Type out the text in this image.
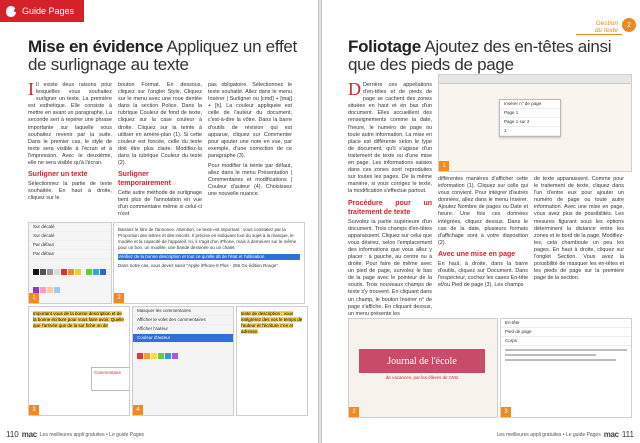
Guide Pages
Mise en évidence Appliquez un effet de surlignage au texte

I Il existe deux raisons pour lesquelles vous souhaitez surligner un texte. La première est esthétique. Elle consiste à mettre en avant un paragraphe. La seconde sert à repérer une phrase importante sur laquelle vous souhaitez revenir par la suite. Dans le premier cas, le style de texte sera visible à l'écran et à l'impression. Avec le deuxième, elle ne sera visible qu'à l'écran.

Surligner un texte

Sélectionnez la partie de texte souhaitée. En haut à droite, cliquez sur le

bouton Format. En dessous, cliquez sur l'onglet Style. Cliquez sur le menu avec une roue dentée dans la section Police. Dans la rubrique Couleur de fond de texte, cliquez sur la case couleur à droite. Cliquez sur la teinte à utiliser en arrière-plan (1). Si cette couleur est foncée, celle du texte doit être plus claire. Modifiez-la dans la rubrique Couleur du texte (2).

Surligner temporairement

Cette autre méthode de surlignage tient plus de l'annotation en vue d'un commentaire même si celui-ci n'est

pas obligatoire. Sélectionnez le texte souhaité. Allez dans le menu Insérer | Surligner ou [cmd] + [maj] + [h]. La couleur appliquée est celle de l'auteur du document, c'est-à-dire la vôtre. Dans la barre d'outils de révision qui est apparue, cliquez sur Commenter pour ajouter une note en vue, par exemple, d'une correction de ce paragraphe (3).

Pour modifier la teinte par défaut, allez dans le menu Présentation | Commentaires et modifications | Couleur d'auteur (4). Choisissez une nouvelle nuance.

Sur décalé
Sur décalé
Par défaut
Par défaut

1
Baissez le titre de l'annonce. Attention, ce texte est important : vous constatez par la Proportion des lettres et des inscrits. Il précise en indiquant tout du sujet à la manque, le modèle et la capacité de l'appareil. Ici, il s'agit d'un iPhone, mais à demeurer sur le même pour un bon, un modèle, une bande dessinée ou un chalet.
Vérifiez de la bonne description et tout ce qu'elle dit de l'état et l'utilisation
Dans notre cas, vous devez saisir "Apple iPhone 8 Plus - 256 Go édition Rouge".
2
Important vous de la bonne description et de la bonne écriture pour vous faire avoir. Quelle que l'arrivée que de la sur fiche on de
Commentaire
3
Masquer les commentaires
Afficher le volet des commentaires
Afficher l'auteur
Couleur d'auteur
4
texte de description : vous intégrerez des vos le temps de l'auteur et l'écriture c'en et adresse.
110 mac Les meilleures appli gratuites • Le guide Pages
Gestion
du texte
2
Foliotage Ajoutez des en-têtes ainsi que des pieds de page

D Derrière ces appellations d'en-têtes et de pieds de page se cachent des zones situées en haut et en bas d'un document. Elles accueillent des renseignements comme la date, l'heure, le numéro de page ou toute autre information. La mise en place est différente selon le type de document, qu'il s'agisse d'un traitement de texte ou d'une mise en page. Les informations saisies dans ces zones sont reproduites sur toutes les pages. De la même manière, si vous corrigez le texte, la modification s'effectue partout.

Procédure pour un traitement de texte

Survolez la partie supérieure d'un document. Trois champs d'en-têtes apparaissent. Cliquez sur celui que vous désirez, selon l'emplacement des informations que vous allez y placer : à gauche, au centre ou à droite. Pour faire de même avec un pied de page, survolez le bas de la page avec le pointeur de la souris. Trois nouveaux champs de texte s'y trouvent. En cliquant dans un champ, le bouton Insérer n° de page s'affiche. En cliquant dessus, un menu présente les

Insérer n° de page
Page 1
Page 1 sur 2
1
1

différentes manières d'afficher cette information (1). Cliquez sur celle qui vous convient. Pour intégrer d'autres données, allez dans le menu Insérer. Ajoutez Nombre de pages ou Date et heure. Une fois ces données intégrées, cliquez dessus. Dans le cas de la date, plusieurs formats d'affichage sont à votre disposition (2).

Avec une mise en page

En haut, à droite, dans la barre d'outils, cliquez sur Document. Dans l'inspecteur, cochez les cases En-tête et/ou Pied de page (3). Les champs

de texte apparaissent. Comme pour le traitement de texte, cliquez dans l'un d'entre eux pour ajouter un numéro de page ou toute autre information. Avec une mise en page, vous avez plus de possibilités. Les mesures figurant sous les options déterminent la distance entre les zones et le bord de la page. Modifiez-les, cela chamboule un peu les pages. En haut à droite, cliquez sur l'onglet Section. Vous avez la possibilité de masquer les en-têtes et les pieds de page sur la première page de la section.

Journal de l'école
de vacances, par les élèves de CM1
2
En-tête
Pied de page
Corps
3
Les meilleures appli gratuites • Le guide Pages mac 111
